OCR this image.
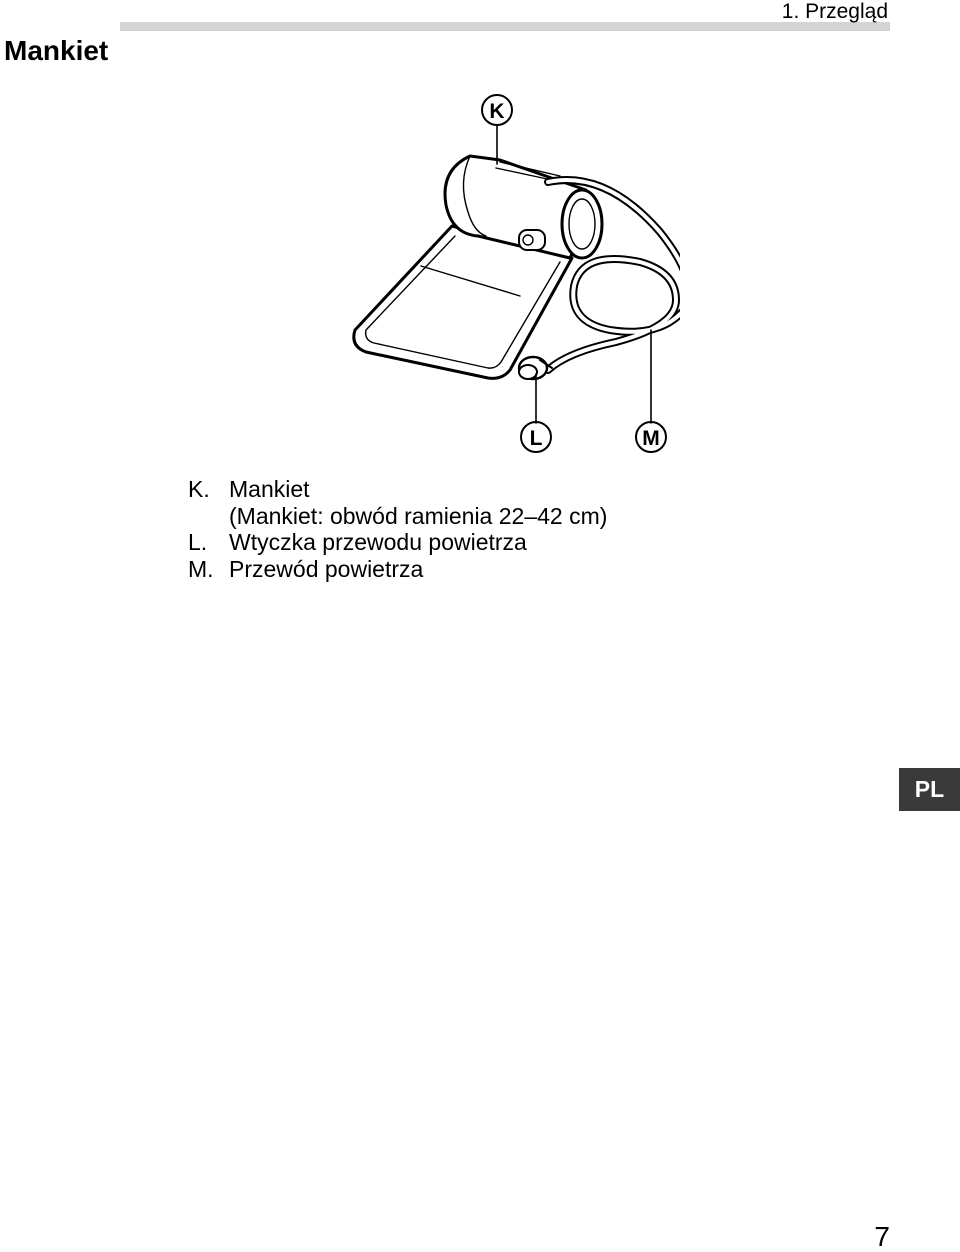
1. Przegląd
Mankiet
K
L	M
K. Mankiet
(Mankiet: obwód ramienia 22–42 cm)
L. Wtyczka przewodu powietrza
M. Przewód powietrza
PL
7
